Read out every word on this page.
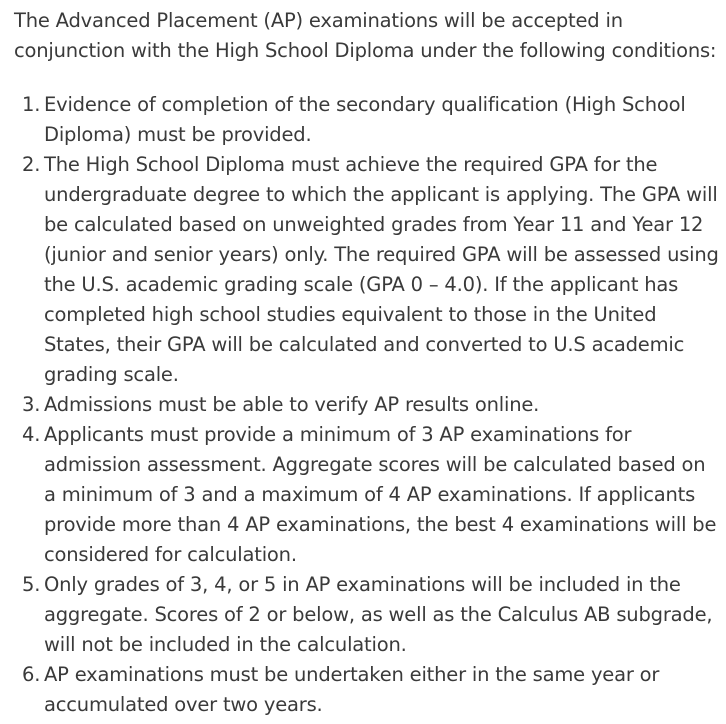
The Advanced Placement (AP) examinations will be accepted in conjunction with the High School Diploma under the following conditions:

1. Evidence of completion of the secondary qualification (High School Diploma) must be provided.
2. The High School Diploma must achieve the required GPA for the undergraduate degree to which the applicant is applying. The GPA will be calculated based on unweighted grades from Year 11 and Year 12 (junior and senior years) only. The required GPA will be assessed using the U.S. academic grading scale (GPA 0 – 4.0). If the applicant has completed high school studies equivalent to those in the United States, their GPA will be calculated and converted to U.S academic grading scale.
3. Admissions must be able to verify AP results online.
4. Applicants must provide a minimum of 3 AP examinations for admission assessment. Aggregate scores will be calculated based on a minimum of 3 and a maximum of 4 AP examinations. If applicants provide more than 4 AP examinations, the best 4 examinations will be considered for calculation.
5. Only grades of 3, 4, or 5 in AP examinations will be included in the aggregate. Scores of 2 or below, as well as the Calculus AB subgrade, will not be included in the calculation.
6. AP examinations must be undertaken either in the same year or accumulated over two years.
